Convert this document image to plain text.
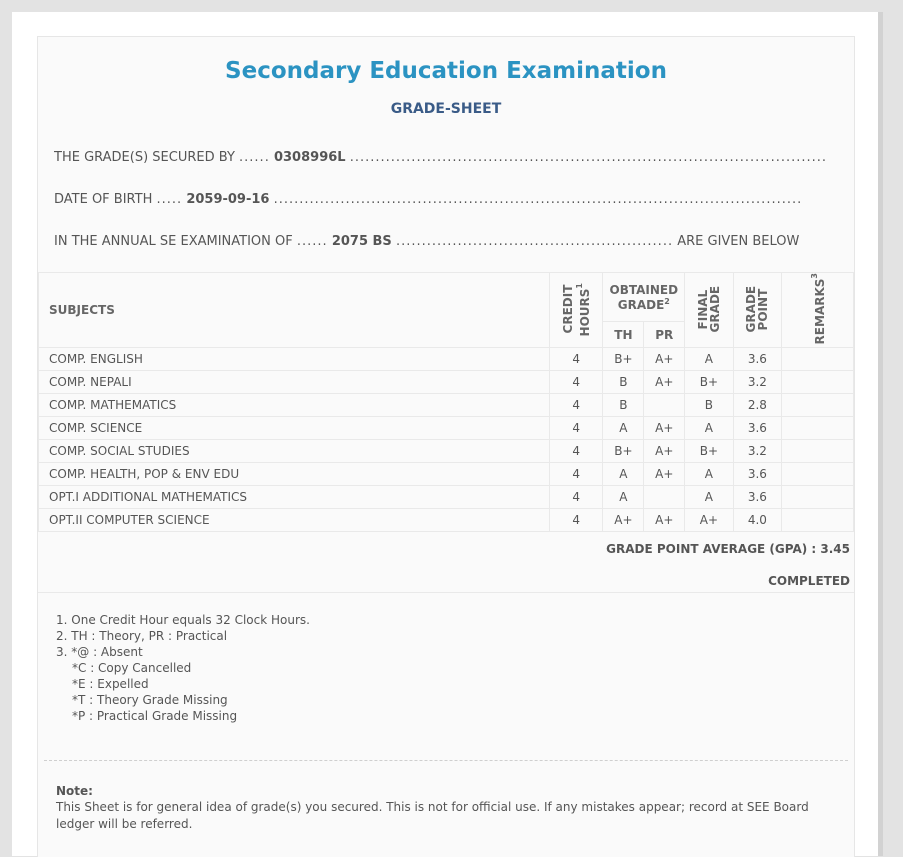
Secondary Education Examination
GRADE-SHEET
THE GRADE(S) SECURED BY ...... 0308996L .............................................................................................
DATE OF BIRTH ..... 2059-09-16 .......................................................................................................
IN THE ANNUAL SE EXAMINATION OF ...... 2075 BS ...................................................... ARE GIVEN BELOW
SUBJECTS	CREDIT HOURS$^1$	OBTAINED GRADE$^2$		FINAL GRADE	GRADE POINT	REMARKS$^3$
		TH	PR			
COMP. ENGLISH	4	B+	A+	A	3.6	
COMP. NEPALI	4	B	A+	B+	3.2	
COMP. MATHEMATICS	4	B		B	2.8	
COMP. SCIENCE	4	A	A+	A	3.6	
COMP. SOCIAL STUDIES	4	B+	A+	B+	3.2	
COMP. HEALTH, POP & ENV EDU	4	A	A+	A	3.6	
OPT.I ADDITIONAL MATHEMATICS	4	A		A	3.6	
OPT.II COMPUTER SCIENCE	4	A+	A+	A+	4.0	
GRADE POINT AVERAGE (GPA) : 3.45
COMPLETED
1. One Credit Hour equals 32 Clock Hours.
2. TH : Theory, PR : Practical
3. *@ : Absent
*C : Copy Cancelled
*E : Expelled
*T : Theory Grade Missing
*P : Practical Grade Missing
Note:
This Sheet is for general idea of grade(s) you secured. This is not for official use. If any mistakes appear; record at SEE Board ledger will be referred.
